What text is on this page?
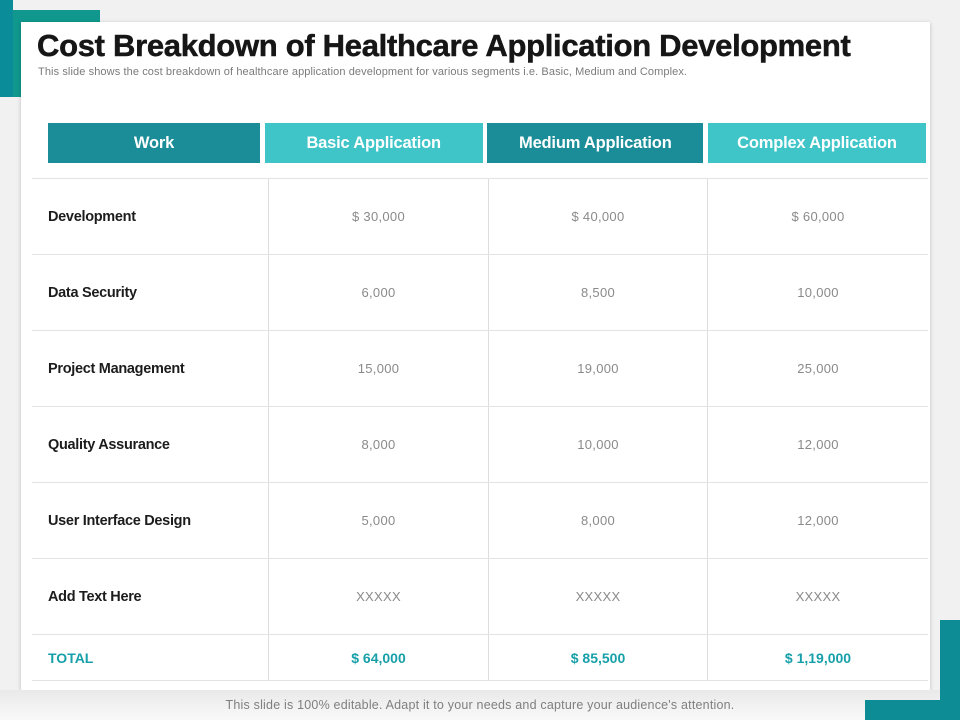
Cost Breakdown of Healthcare Application Development

This slide shows the cost breakdown of healthcare application development for various segments i.e. Basic, Medium and Complex.

Work	Basic Application	Medium Application	Complex Application
Development	$ 30,000	$ 40,000	$ 60,000
Data Security	6,000	8,500	10,000
Project Management	15,000	19,000	25,000
Quality Assurance	8,000	10,000	12,000
User Interface Design	5,000	8,000	12,000
Add Text Here	XXXXX	XXXXX	XXXXX
TOTAL	$ 64,000	$ 85,500	$ 1,19,000
This slide is 100% editable. Adapt it to your needs and capture your audience's attention.
